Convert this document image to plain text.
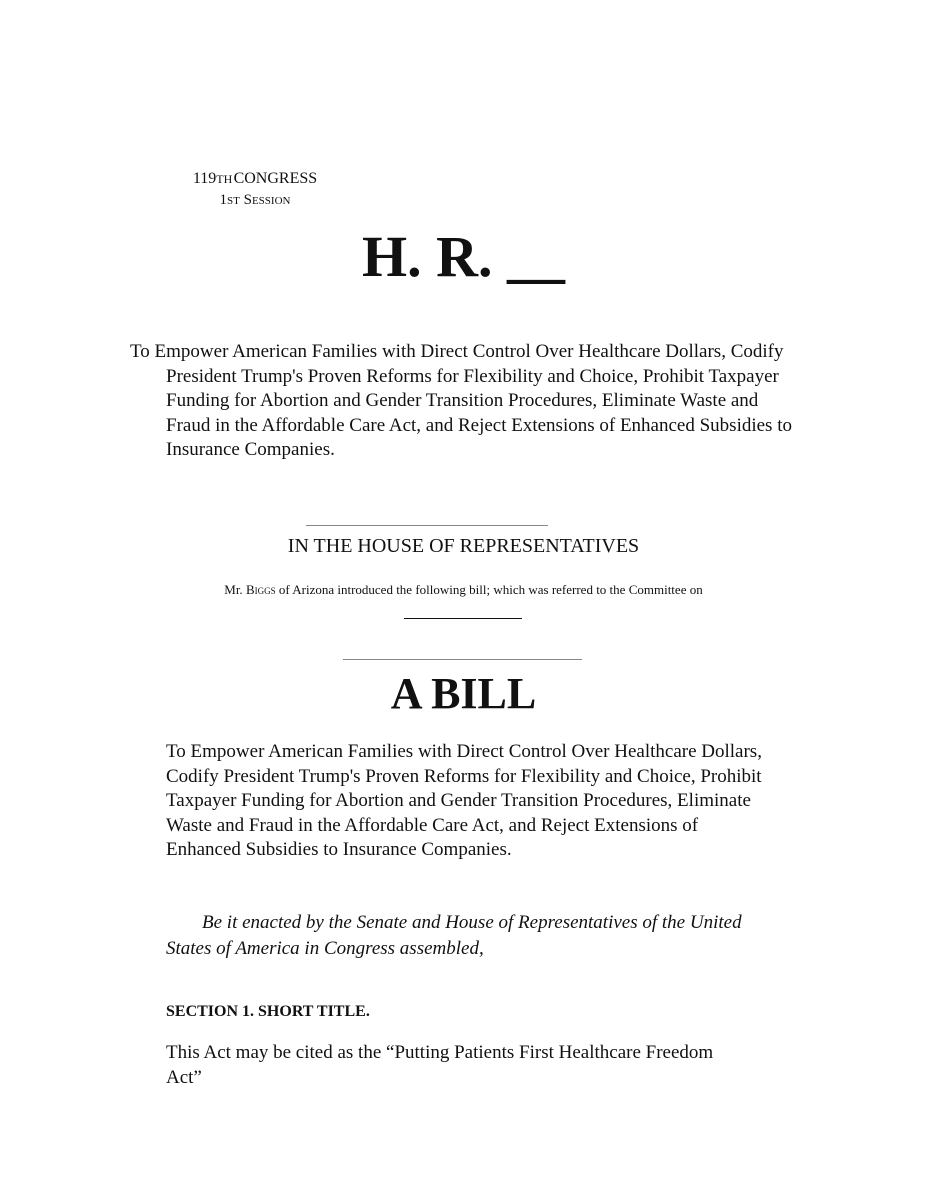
119TH CONGRESS
1ST Session
H. R. __
To Empower American Families with Direct Control Over Healthcare Dollars, Codify President Trump's Proven Reforms for Flexibility and Choice, Prohibit Taxpayer Funding for Abortion and Gender Transition Procedures, Eliminate Waste and Fraud in the Affordable Care Act, and Reject Extensions of Enhanced Subsidies to Insurance Companies.
IN THE HOUSE OF REPRESENTATIVES
Mr. Biggs of Arizona introduced the following bill; which was referred to the Committee on
A BILL
To Empower American Families with Direct Control Over Healthcare Dollars, Codify President Trump's Proven Reforms for Flexibility and Choice, Prohibit Taxpayer Funding for Abortion and Gender Transition Procedures, Eliminate Waste and Fraud in the Affordable Care Act, and Reject Extensions of Enhanced Subsidies to Insurance Companies.
Be it enacted by the Senate and House of Representatives of the United States of America in Congress assembled,
SECTION 1. SHORT TITLE.
This Act may be cited as the “Putting Patients First Healthcare Freedom Act”
